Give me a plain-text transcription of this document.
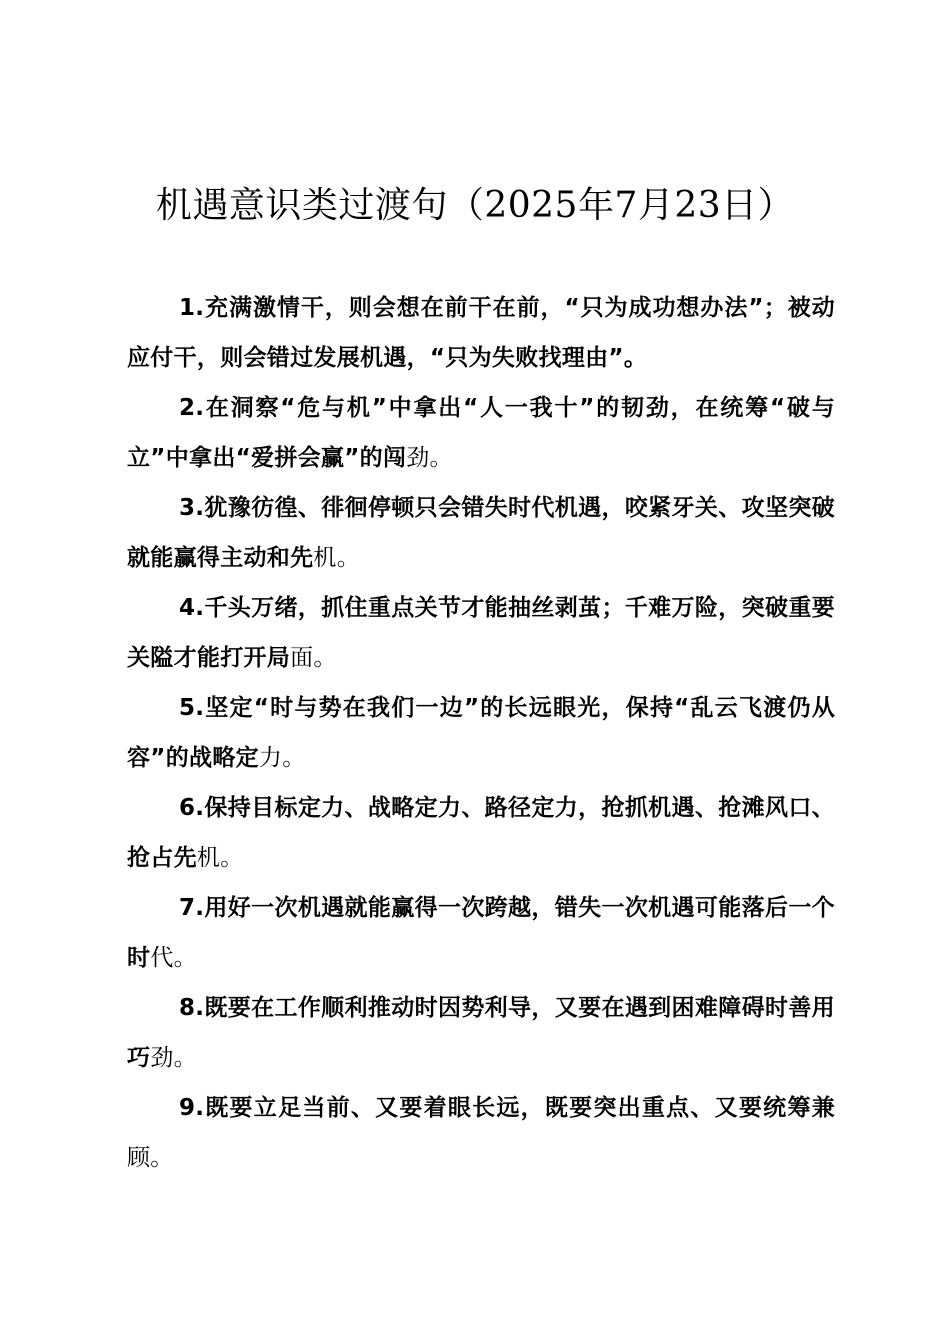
机遇意识类过渡句（2025年7月23日）

1.充满激情干，则会想在前干在前，“只为成功想办法”；被动应付干，则会错过发展机遇，“只为失败找理由”。

2.在洞察“危与机”中拿出“人一我十”的韧劲，在统筹“破与立”中拿出“爱拼会赢”的闯劲。

3.犹豫彷徨、徘徊停顿只会错失时代机遇，咬紧牙关、攻坚突破就能赢得主动和先机。

4.千头万绪，抓住重点关节才能抽丝剥茧；千难万险，突破重要关隘才能打开局面。

5.坚定“时与势在我们一边”的长远眼光，保持“乱云飞渡仍从容”的战略定力。

6.保持目标定力、战略定力、路径定力，抢抓机遇、抢滩风口、抢占先机。

7.用好一次机遇就能赢得一次跨越，错失一次机遇可能落后一个时代。

8.既要在工作顺利推动时因势利导，又要在遇到困难障碍时善用巧劲。

9.既要立足当前、又要着眼长远，既要突出重点、又要统筹兼顾。
